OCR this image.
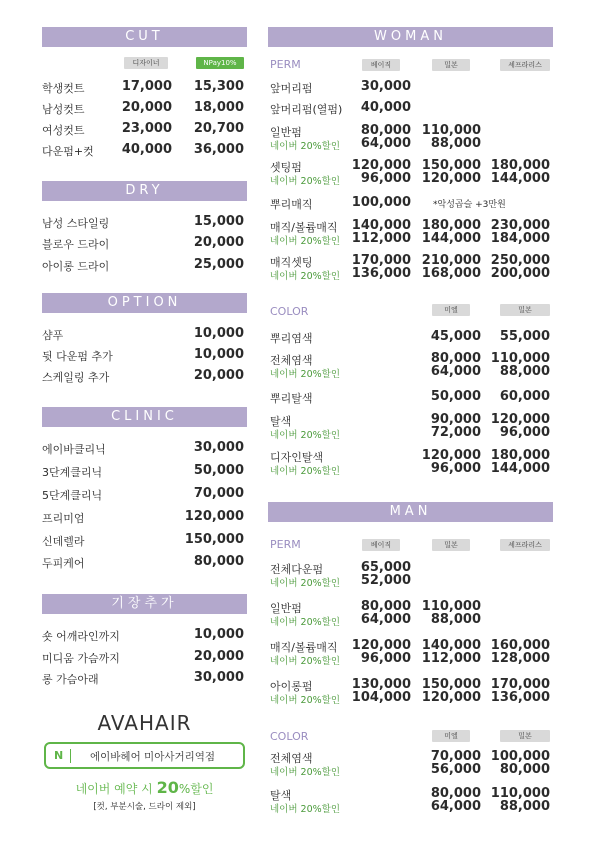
CUT
디자이너	NPay10%
학생컷트	17,000	15,300
남성컷트	20,000	18,000
여성컷트	23,000	20,700
다운펌+컷	40,000	36,000
DRY
남성 스타일링	15,000
블로우 드라이	20,000
아이롱 드라이	25,000
OPTION
샴푸	10,000
뒷 다운펌 추가	10,000
스케일링 추가	20,000
CLINIC
에이바클리닉	30,000
3단계클리닉	50,000
5단계클리닉	70,000
프리미엄	120,000
신데렐라	150,000
두피케어	80,000
기장추가
숏 어깨라인까지	10,000
미디움 가슴까지	20,000
롱 가슴아래	30,000
AVAHAIR
N	에이바헤어 미아사거리역점
네이버 예약 시 20%할인
[컷, 부분시술, 드라이 제외]
WOMAN
PERM	베이직	밀본	셰프라리스
앞머리펌	30,000
앞머리펌(열펌)	40,000
일반펌	80,000 110,000
네이버 20%할인	64,000	88,000
셋팅펌	120,000 150,000 180,000
네이버 20%할인	96,000 120,000 144,000
뿌리매직	100,000 *악성곱슬 +3만원
매직/볼륨매직	140,000 180,000 230,000
네이버 20%할인 112,000 144,000 184,000
매직셋팅	170,000 210,000 250,000
네이버 20%할인 136,000 168,000 200,000
COLOR	미엘	밀본
뿌리염색	45,000	55,000
전체염색	80,000 110,000
네이버 20%할인	64,000	88,000
뿌리탈색	50,000	60,000
탈색	90,000 120,000
네이버 20%할인	72,000	96,000
디자인탈색	120,000 180,000
네이버 20%할인	96,000 144,000
MAN
PERM	베이직	밀본	셰프라리스
전체다운펌	65,000
네이버 20%할인	52,000
일반펌	80,000 110,000
네이버 20%할인	64,000	88,000
매직/볼륨매직	120,000 140,000 160,000
네이버 20%할인	96,000 112,000 128,000
아이롱펌	130,000 150,000 170,000
네이버 20%할인 104,000 120,000 136,000
COLOR	미엘	밀본
전체염색	70,000 100,000
네이버 20%할인	56,000	80,000
탈색	80,000 110,000
네이버 20%할인	64,000	88,000
